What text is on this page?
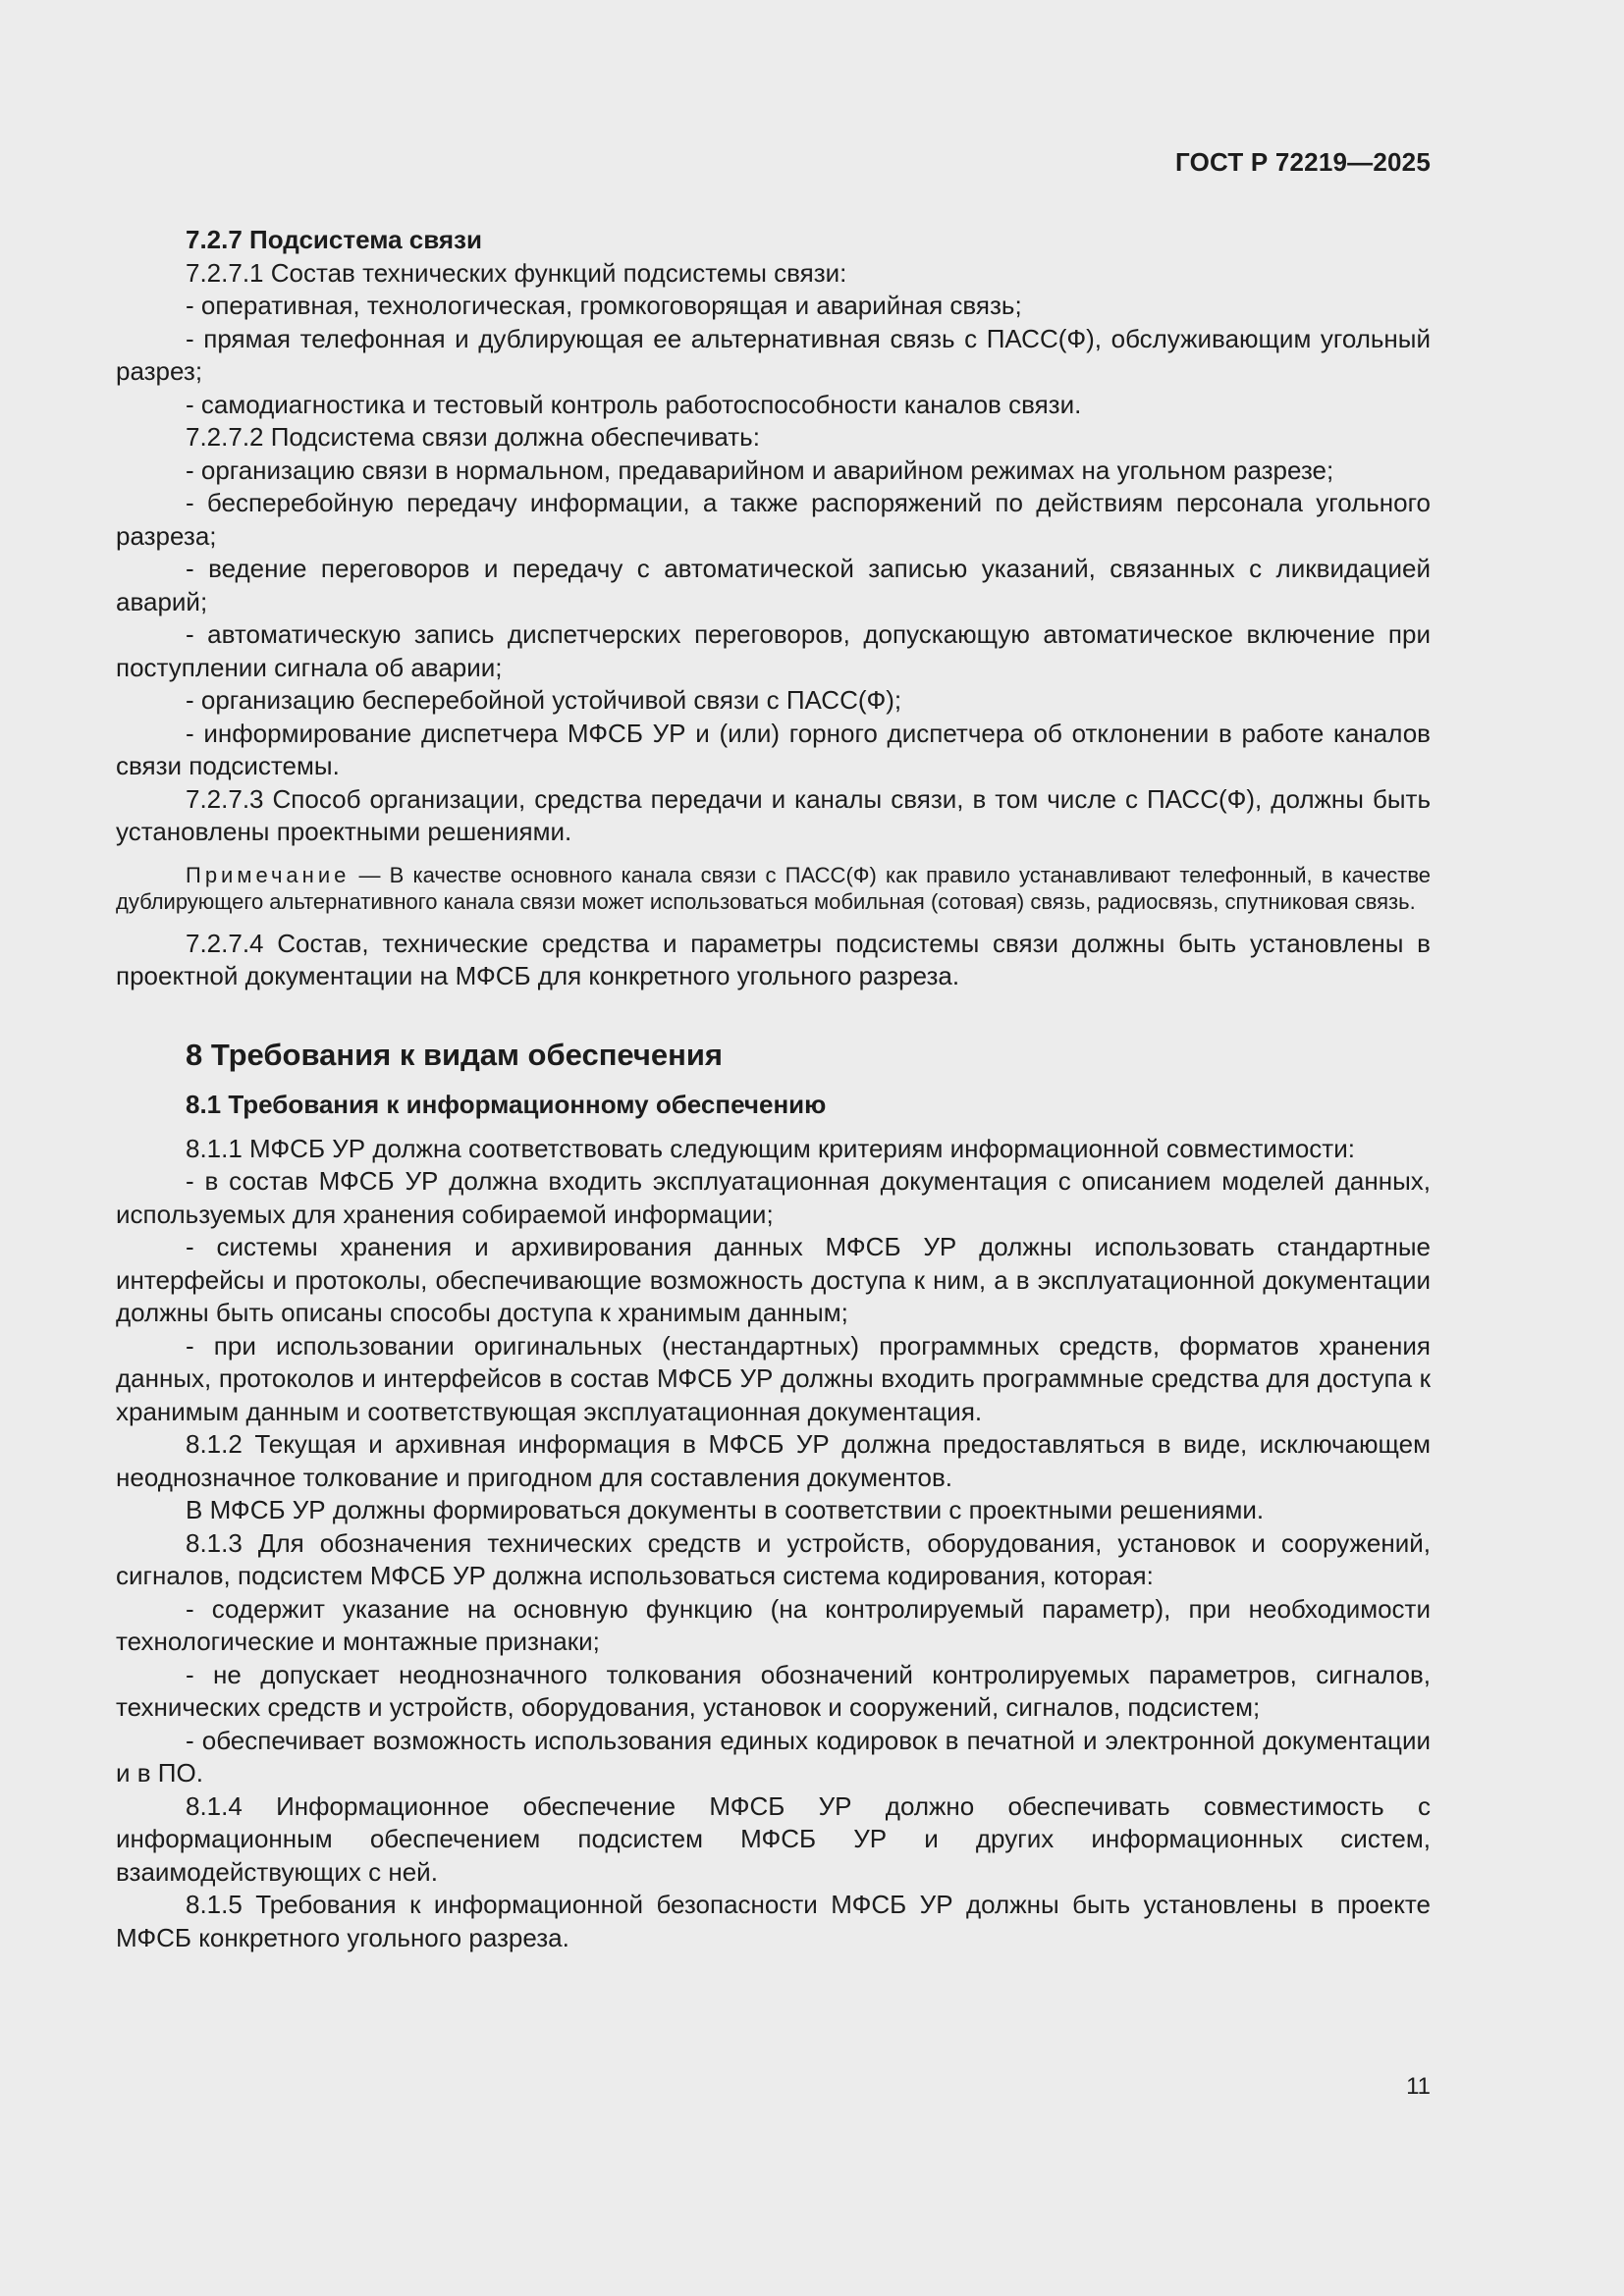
ГОСТ Р 72219—2025

7.2.7 Подсистема связи

7.2.7.1 Состав технических функций подсистемы связи:

- оперативная, технологическая, громкоговорящая и аварийная связь;

- прямая телефонная и дублирующая ее альтернативная связь с ПАСС(Ф), обслуживающим угольный разрез;

- самодиагностика и тестовый контроль работоспособности каналов связи.

7.2.7.2 Подсистема связи должна обеспечивать:

- организацию связи в нормальном, предаварийном и аварийном режимах на угольном разрезе;

- бесперебойную передачу информации, а также распоряжений по действиям персонала угольного разреза;

- ведение переговоров и передачу с автоматической записью указаний, связанных с ликвидацией аварий;

- автоматическую запись диспетчерских переговоров, допускающую автоматическое включение при поступлении сигнала об аварии;

- организацию бесперебойной устойчивой связи с ПАСС(Ф);

- информирование диспетчера МФСБ УР и (или) горного диспетчера об отклонении в работе каналов связи подсистемы.

7.2.7.3 Способ организации, средства передачи и каналы связи, в том числе с ПАСС(Ф), должны быть установлены проектными решениями.

Примечание — В качестве основного канала связи с ПАСС(Ф) как правило устанавливают телефонный, в качестве дублирующего альтернативного канала связи может использоваться мобильная (сотовая) связь, радиосвязь, спутниковая связь.

7.2.7.4 Состав, технические средства и параметры подсистемы связи должны быть установлены в проектной документации на МФСБ для конкретного угольного разреза.

8 Требования к видам обеспечения
8.1 Требования к информационному обеспечению

8.1.1 МФСБ УР должна соответствовать следующим критериям информационной совместимости:

- в состав МФСБ УР должна входить эксплуатационная документация с описанием моделей данных, используемых для хранения собираемой информации;

- системы хранения и архивирования данных МФСБ УР должны использовать стандартные интерфейсы и протоколы, обеспечивающие возможность доступа к ним, а в эксплуатационной документации должны быть описаны способы доступа к хранимым данным;

- при использовании оригинальных (нестандартных) программных средств, форматов хранения данных, протоколов и интерфейсов в состав МФСБ УР должны входить программные средства для доступа к хранимым данным и соответствующая эксплуатационная документация.

8.1.2 Текущая и архивная информация в МФСБ УР должна предоставляться в виде, исключающем неоднозначное толкование и пригодном для составления документов.

В МФСБ УР должны формироваться документы в соответствии с проектными решениями.

8.1.3 Для обозначения технических средств и устройств, оборудования, установок и сооружений, сигналов, подсистем МФСБ УР должна использоваться система кодирования, которая:

- содержит указание на основную функцию (на контролируемый параметр), при необходимости технологические и монтажные признаки;

- не допускает неоднозначного толкования обозначений контролируемых параметров, сигналов, технических средств и устройств, оборудования, установок и сооружений, сигналов, подсистем;

- обеспечивает возможность использования единых кодировок в печатной и электронной документации и в ПО.

8.1.4 Информационное обеспечение МФСБ УР должно обеспечивать совместимость с информационным обеспечением подсистем МФСБ УР и других информационных систем, взаимодействующих с ней.

8.1.5 Требования к информационной безопасности МФСБ УР должны быть установлены в проекте МФСБ конкретного угольного разреза.

11
